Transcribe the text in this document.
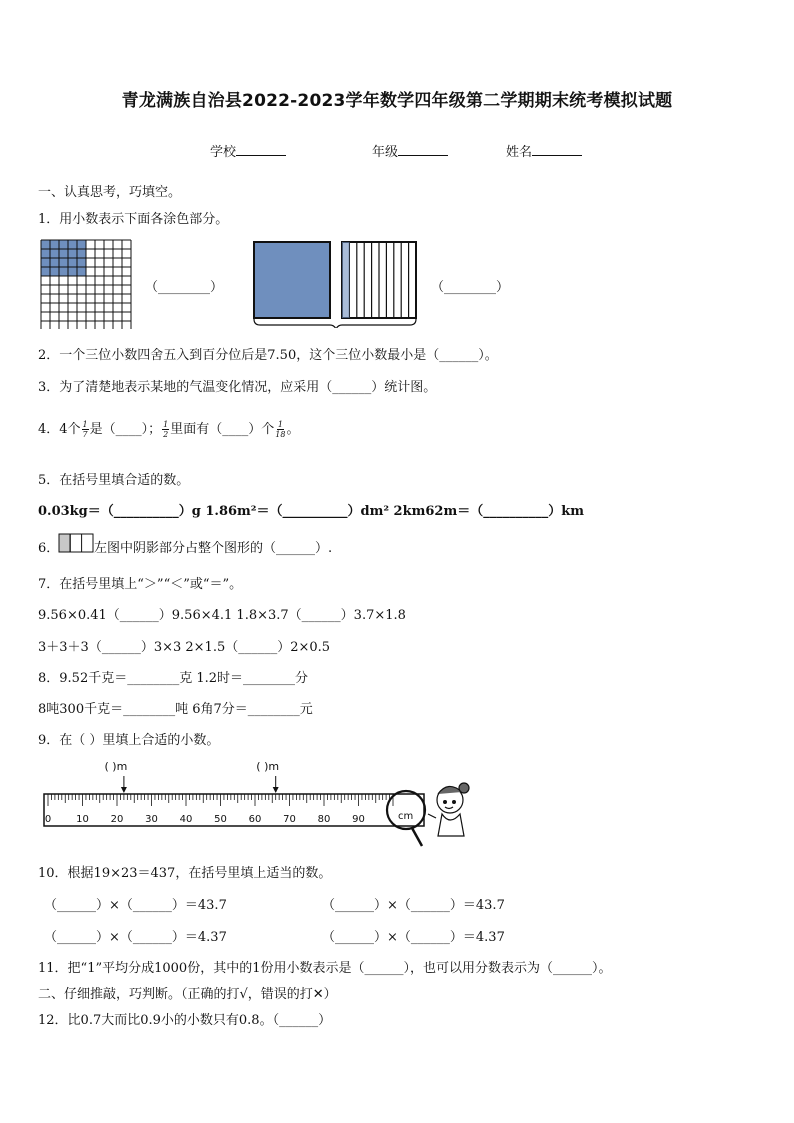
青龙满族自治县2022-2023学年数学四年级第二学期期末统考模拟试题
学校	年级	姓名
一、认真思考，巧填空。
1．用小数表示下面各涂色部分。
（________）	（________）
2．一个三位小数四舍五入到百分位后是7.50，这个三位小数最小是（______）。
3．为了清楚地表示某地的气温变化情况，应采用（______）统计图。
4．4个 $\frac{1}{7}$ 是（____）； $\frac{1}{2}$ 里面有（____）个 $\frac{1}{18}$ 。
5．在括号里填合适的数。
0.03kg＝（__________）g 1.86m²＝（__________）dm² 2km62m＝（__________）km
6．	左图中阴影部分占整个图形的（______）.
7．在括号里填上“＞”“＜”或“＝”。
9.56×0.41（______）9.56×4.1 1.8×3.7（______）3.7×1.8
3＋3＋3（______）3×3 2×1.5（______）2×0.5
8．9.52千克＝________克 1.2时＝________分
8吨300千克＝________吨 6角7分＝________元
9．在（ ）里填上合适的小数。
0 10 20 30 40 50 60 70 80 90
( )m	( )m
cm
10．根据19×23＝437，在括号里填上适当的数。
（______）×（______）＝43.7	（______）×（______）＝43.7
（______）×（______）＝4.37	（______）×（______）＝4.37
11．把“1”平均分成1000份，其中的1份用小数表示是（______），也可以用分数表示为（______）。
二、仔细推敲，巧判断。（正确的打√，错误的打✕）
12．比0.7大而比0.9小的小数只有0.8。（______）
